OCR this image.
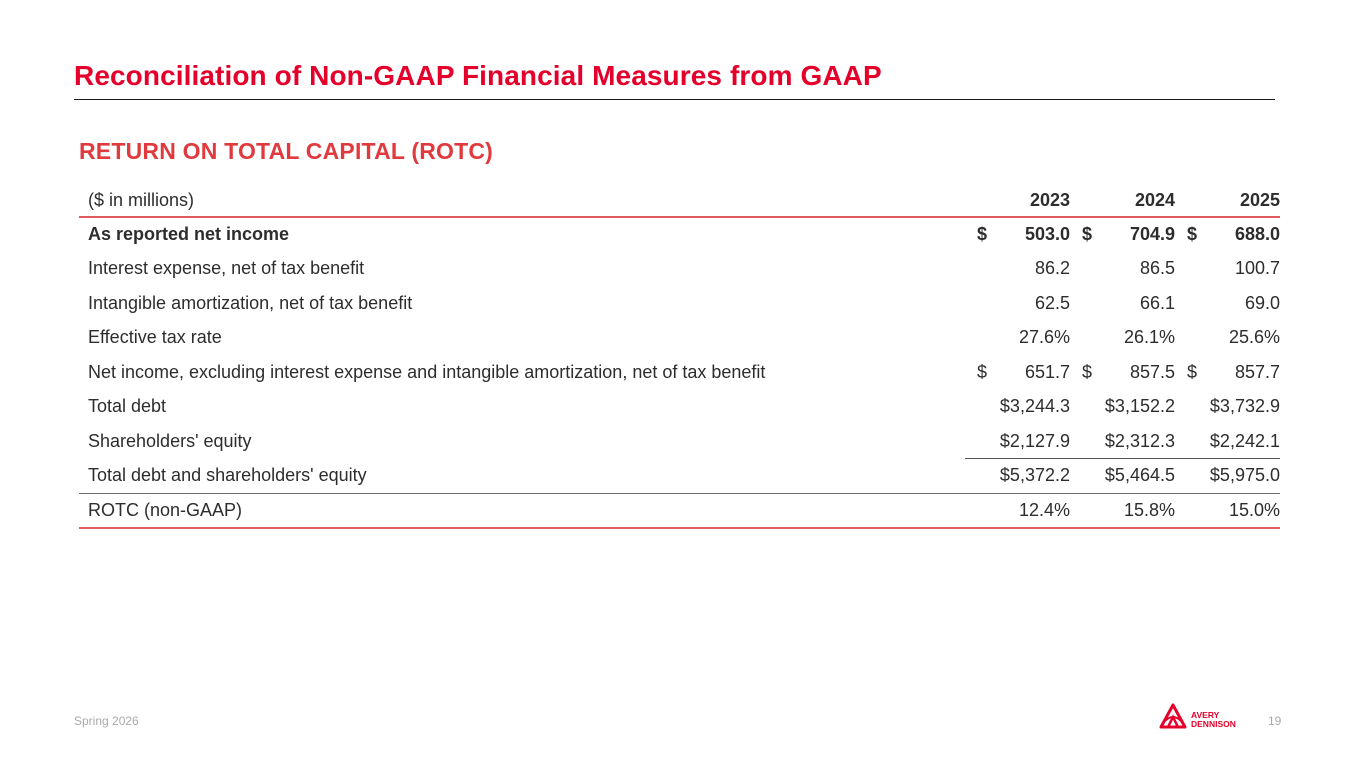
Reconciliation of Non-GAAP Financial Measures from GAAP
RETURN ON TOTAL CAPITAL (ROTC)
($ in millions)	2023	2024	2025
As reported net income	$ 503.0	$ 704.9	$ 688.0

Interest expense, net of tax benefit	86.2	86.5	100.7
Intangible amortization, net of tax benefit	62.5	66.1	69.0
Effective tax rate	27.6%	26.1%	25.6%
Net income, excluding interest expense and intangible amortization, net of tax benefit	$ 651.7	$ 857.5	$ 857.7

Total debt	$3,244.3	$3,152.2	$3,732.9
Shareholders' equity	$2,127.9	$2,312.3	$2,242.1
Total debt and shareholders' equity	$5,372.2	$5,464.5	$5,975.0
ROTC (non-GAAP)	12.4%	15.8%	15.0%
Spring 2026	AVERY
DENNISON	19
